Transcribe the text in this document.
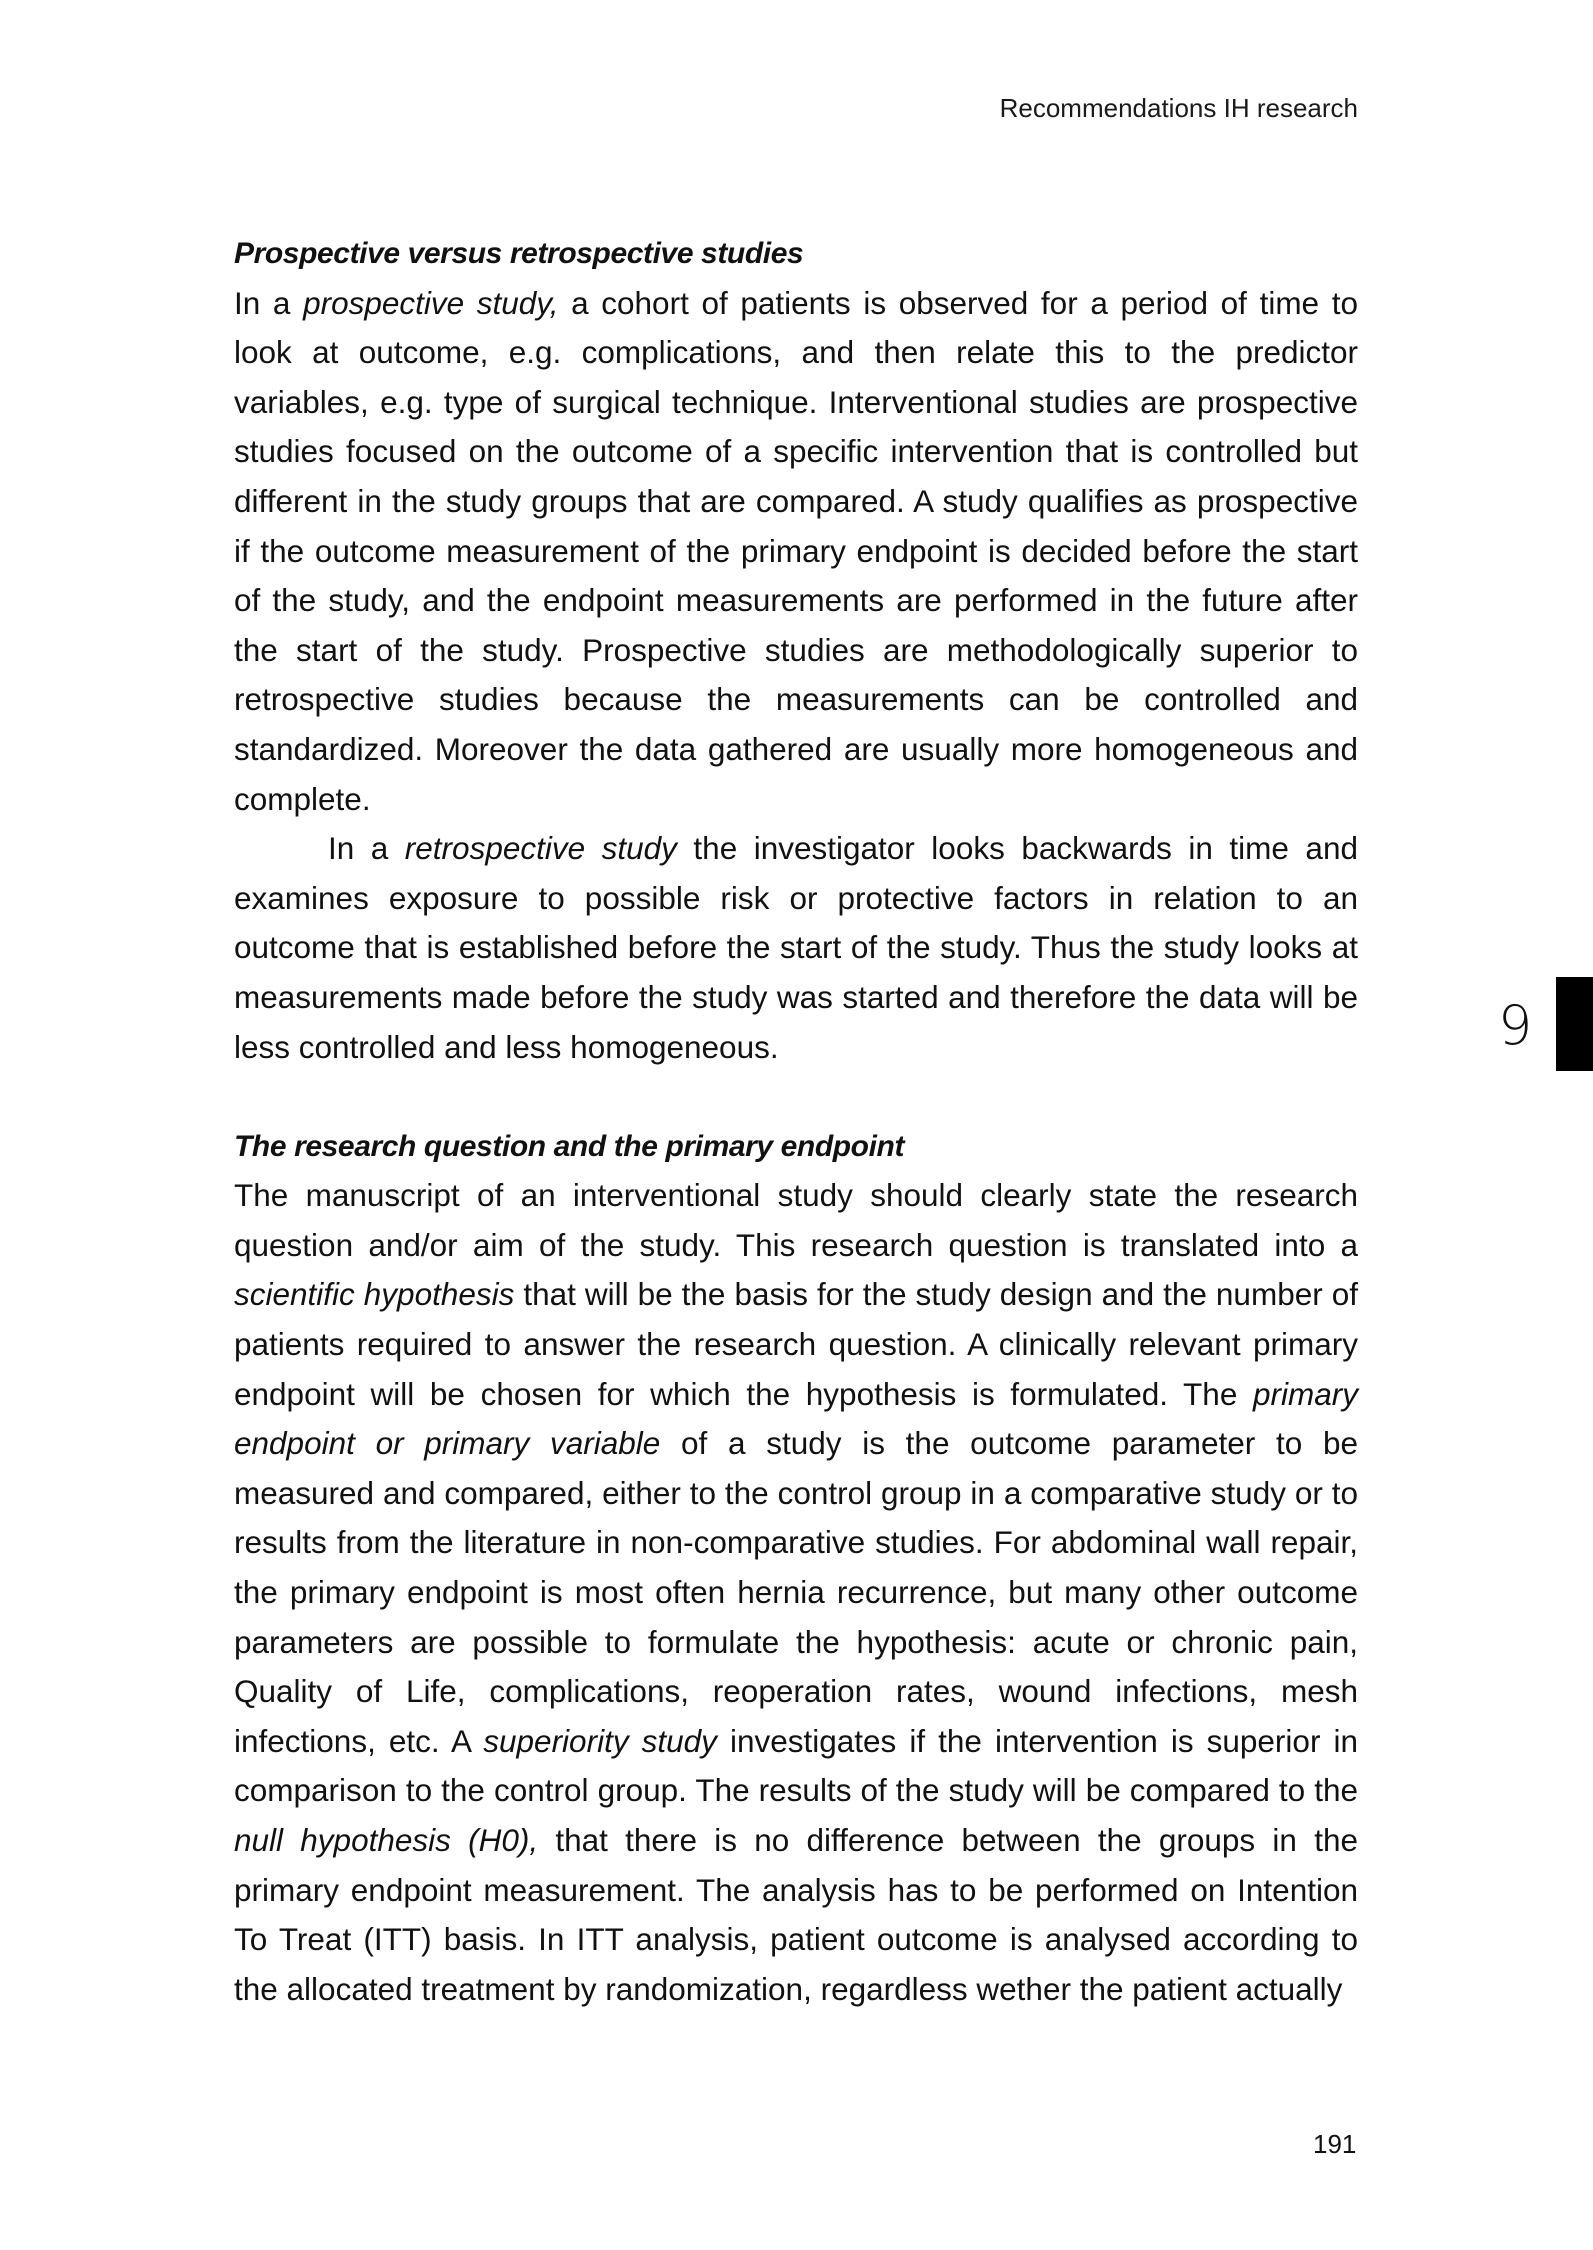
Recommendations IH research
Prospective versus retrospective studies

In a prospective study, a cohort of patients is observed for a period of time to look at outcome, e.g. complications, and then relate this to the predictor variables, e.g. type of surgical technique. Interventional studies are prospective studies focused on the outcome of a specific intervention that is controlled but different in the study groups that are compared. A study qualifies as prospective if the outcome measurement of the primary endpoint is decided before the start of the study, and the endpoint measurements are performed in the future after the start of the study. Prospective studies are methodologically superior to retrospective studies because the measurements can be controlled and standardized. Moreover the data gathered are usually more homogeneous and complete.

In a retrospective study the investigator looks backwards in time and examines exposure to possible risk or protective factors in relation to an outcome that is established before the start of the study. Thus the study looks at measurements made before the study was started and therefore the data will be less controlled and less homogeneous.

The research question and the primary endpoint

The manuscript of an interventional study should clearly state the research question and/or aim of the study. This research question is translated into a scientific hypothesis that will be the basis for the study design and the number of patients required to answer the research question. A clinically relevant primary endpoint will be chosen for which the hypothesis is formulated. The primary endpoint or primary variable of a study is the outcome parameter to be measured and compared, either to the control group in a comparative study or to results from the literature in non-comparative studies. For abdominal wall repair, the primary endpoint is most often hernia recurrence, but many other outcome parameters are possible to formulate the hypothesis: acute or chronic pain, Quality of Life, complications, reoperation rates, wound infections, mesh infections, etc. A superiority study investigates if the intervention is superior in comparison to the control group. The results of the study will be compared to the null hypothesis (H0), that there is no difference between the groups in the primary endpoint measurement. The analysis has to be performed on Intention To Treat (ITT) basis. In ITT analysis, patient outcome is analysed according to the allocated treatment by randomization, regardless wether the patient actually

9
191
